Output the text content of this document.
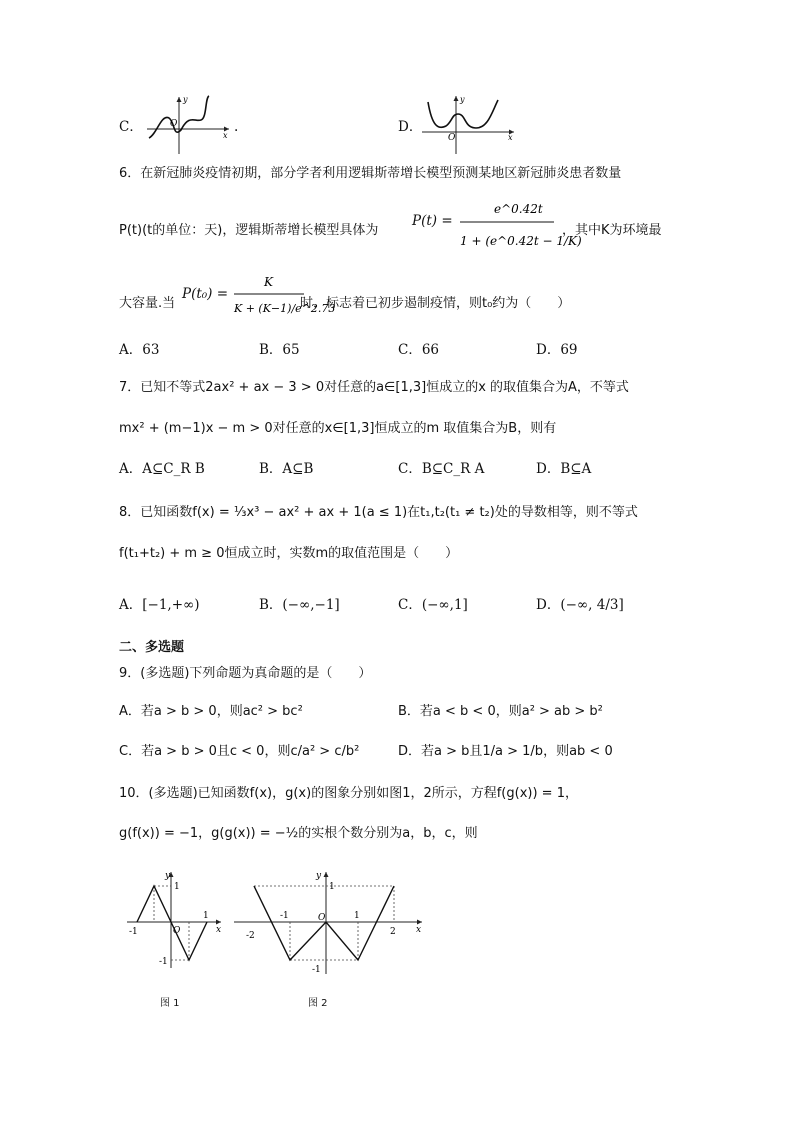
C．
y
x
O	.	D．
y
x
O
6．在新冠肺炎疫情初期，部分学者利用逻辑斯蒂增长模型预测某地区新冠肺炎患者数量
P(t)(t的单位：天)，逻辑斯蒂增长模型具体为
P(t) =
e^0.42t
1 + (e^0.42t − 1/K)
，其中K为环境最
大容量.当
P(t₀) =
K
K + (K−1)/e^2.73
时，标志着已初步遏制疫情，则t₀约为（　　）
A．63	B．65	C．66	D．69
7．已知不等式2ax² + ax − 3 > 0对任意的a∈[1,3]恒成立的x 的取值集合为A，不等式
mx² + (m−1)x − m > 0对任意的x∈[1,3]恒成立的m 取值集合为B，则有
A．A⊆C_R B	B．A⊆B	C．B⊆C_R A	D．B⊆A
8．已知函数f(x) = ⅓x³ − ax² + ax + 1(a ≤ 1)在t₁,t₂(t₁ ≠ t₂)处的导数相等，则不等式
f(t₁+t₂) + m ≥ 0恒成立时，实数m的取值范围是（　　）
A．[−1,+∞)	B．(−∞,−1]	C．(−∞,1]	D．(−∞, 4/3]
二、多选题
9．(多选题)下列命题为真命题的是（　　）
A．若a > b > 0，则ac² > bc²	B．若a < b < 0，则a² > ab > b²
C．若a > b > 0且c < 0，则c/a² > c/b²	D．若a > b且1/a > 1/b，则ab < 0
10．(多选题)已知函数f(x)，g(x)的图象分别如图1，2所示，方程f(g(x)) = 1，
g(f(x)) = −1，g(g(x)) = −½的实根个数分别为a，b，c，则
y
x
1
-1
-1
1
O
图 1
y
x
1
-1
-2
-1	1
2
O
图 2
